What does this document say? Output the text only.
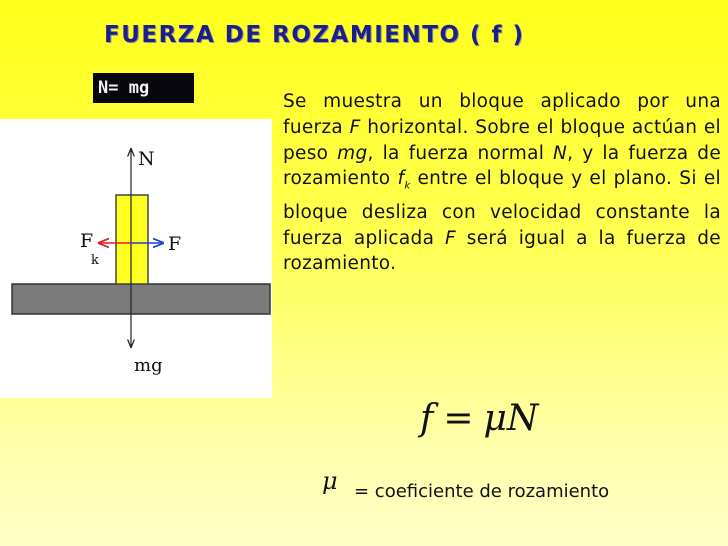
FUERZA DE ROZAMIENTO ( f )
N= mg
N
F
F
k
mg
Se muestra un bloque aplicado por una fuerza F horizontal. Sobre el bloque actúan el peso mg, la fuerza normal N, y la fuerza de rozamiento $f_k$ entre el bloque y el plano. Si el bloque desliza con velocidad constante la fuerza aplicada F será igual a la fuerza de rozamiento.
f = μN
μ = coeficiente de rozamiento
